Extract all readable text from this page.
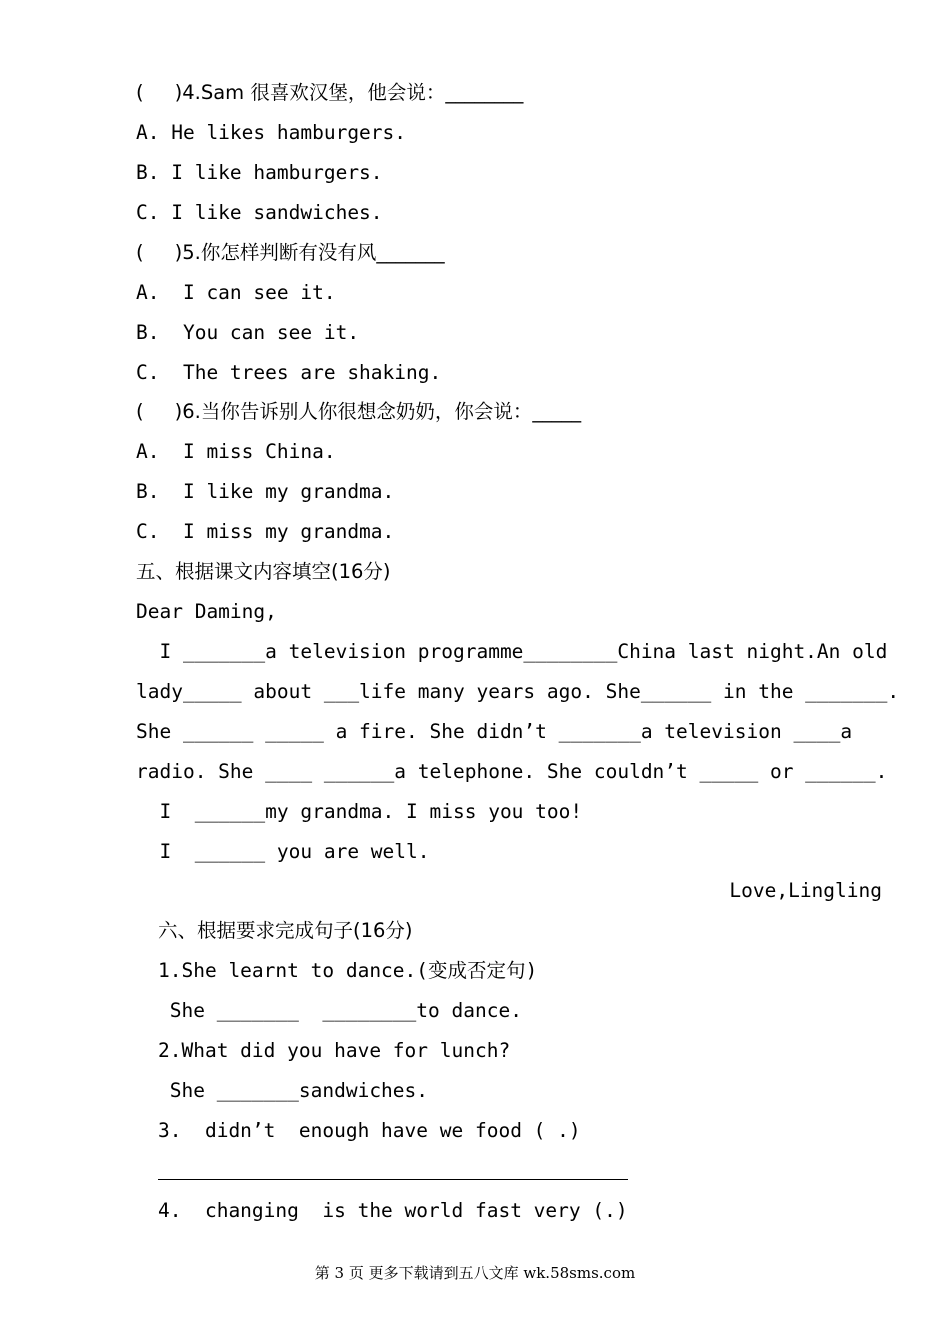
(     )4.Sam 很喜欢汉堡，他会说：________
A. He likes hamburgers.
B. I like hamburgers.
C. I like sandwiches.
(     )5.你怎样判断有没有风_______
A.  I can see it.
B.  You can see it.
C.  The trees are shaking.
(     )6.当你告诉别人你很想念奶奶，你会说：_____
A.  I miss China.
B.  I like my grandma.
C.  I miss my grandma.
五、根据课文内容填空(16分)
Dear Daming,
I _______a television programme________China last night.An old
lady_____ about ___life many years ago. She______ in the _______.
She ______ _____ a fire. She didn’t _______a television ____a
radio. She ____ ______a telephone. She couldn’t _____ or ______.
I  ______my grandma. I miss you too!
I  ______ you are well.
Love,Lingling
六、根据要求完成句子(16分)
1.She learnt to dance.(变成否定句)
She _______  ________to dance.
2.What did you have for lunch?
She _______sandwiches.
3.  didn’t  enough have we food ( .)
4.  changing  is the world fast very (.)
第 3 页 更多下载请到五八文库 wk.58sms.com
